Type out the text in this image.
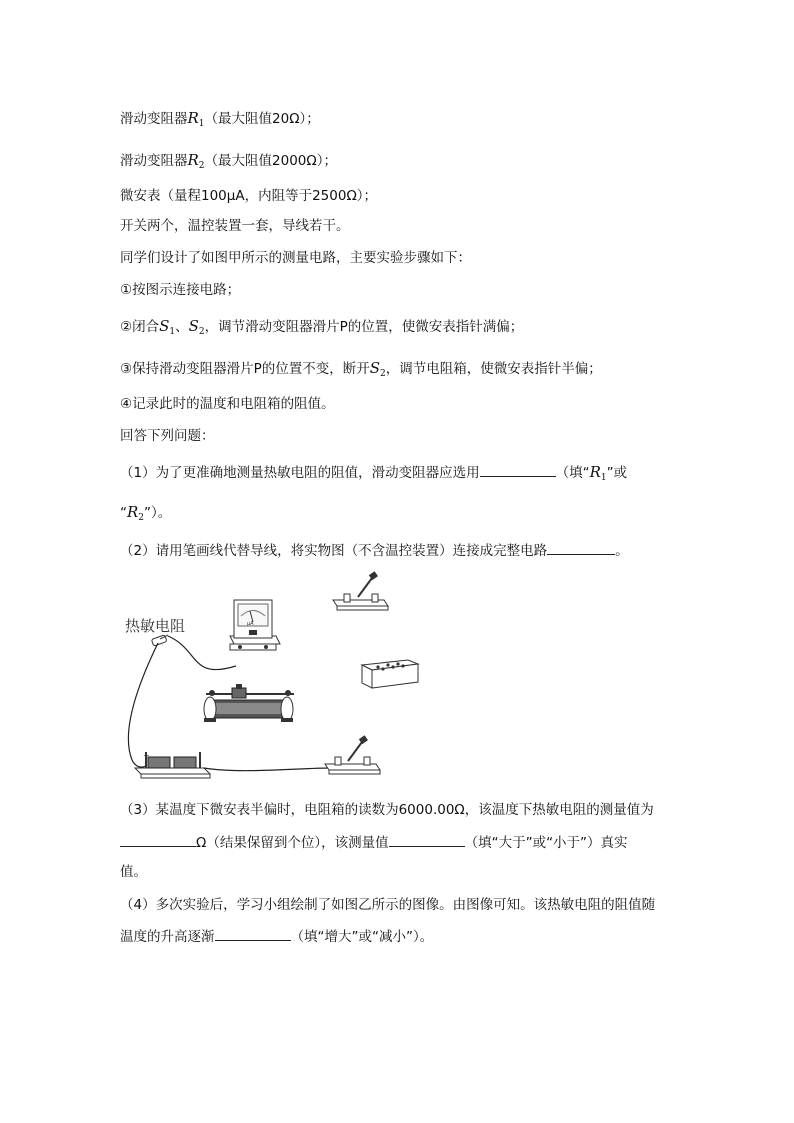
滑动变阻器$R_1$（最大阻值20Ω）；
滑动变阻器$R_2$（最大阻值2000Ω）；
微安表（量程100μA，内阻等于2500Ω）；
开关两个，温控装置一套，导线若干。
同学们设计了如图甲所示的测量电路，主要实验步骤如下：
①按图示连接电路；
②闭合$S_1$、$S_2$，调节滑动变阻器滑片P的位置，使微安表指针满偏；
③保持滑动变阻器滑片P的位置不变，断开$S_2$，调节电阻箱，使微安表指针半偏；
④记录此时的温度和电阻箱的阻值。
回答下列问题：
（1）为了更准确地测量热敏电阻的阻值，滑动变阻器应选用	（填“$R_1$”或
“$R_2$”）。
（2）请用笔画线代替导线，将实物图（不含温控装置）连接成完整电路	。
热敏电阻	μA
+
（3）某温度下微安表半偏时，电阻箱的读数为6000.00Ω，该温度下热敏电阻的测量值为
Ω（结果保留到个位），该测量值	（填“大于”或“小于”）真实
值。
（4）多次实验后，学习小组绘制了如图乙所示的图像。由图像可知。该热敏电阻的阻值随
温度的升高逐渐	（填“增大”或“减小”）。
